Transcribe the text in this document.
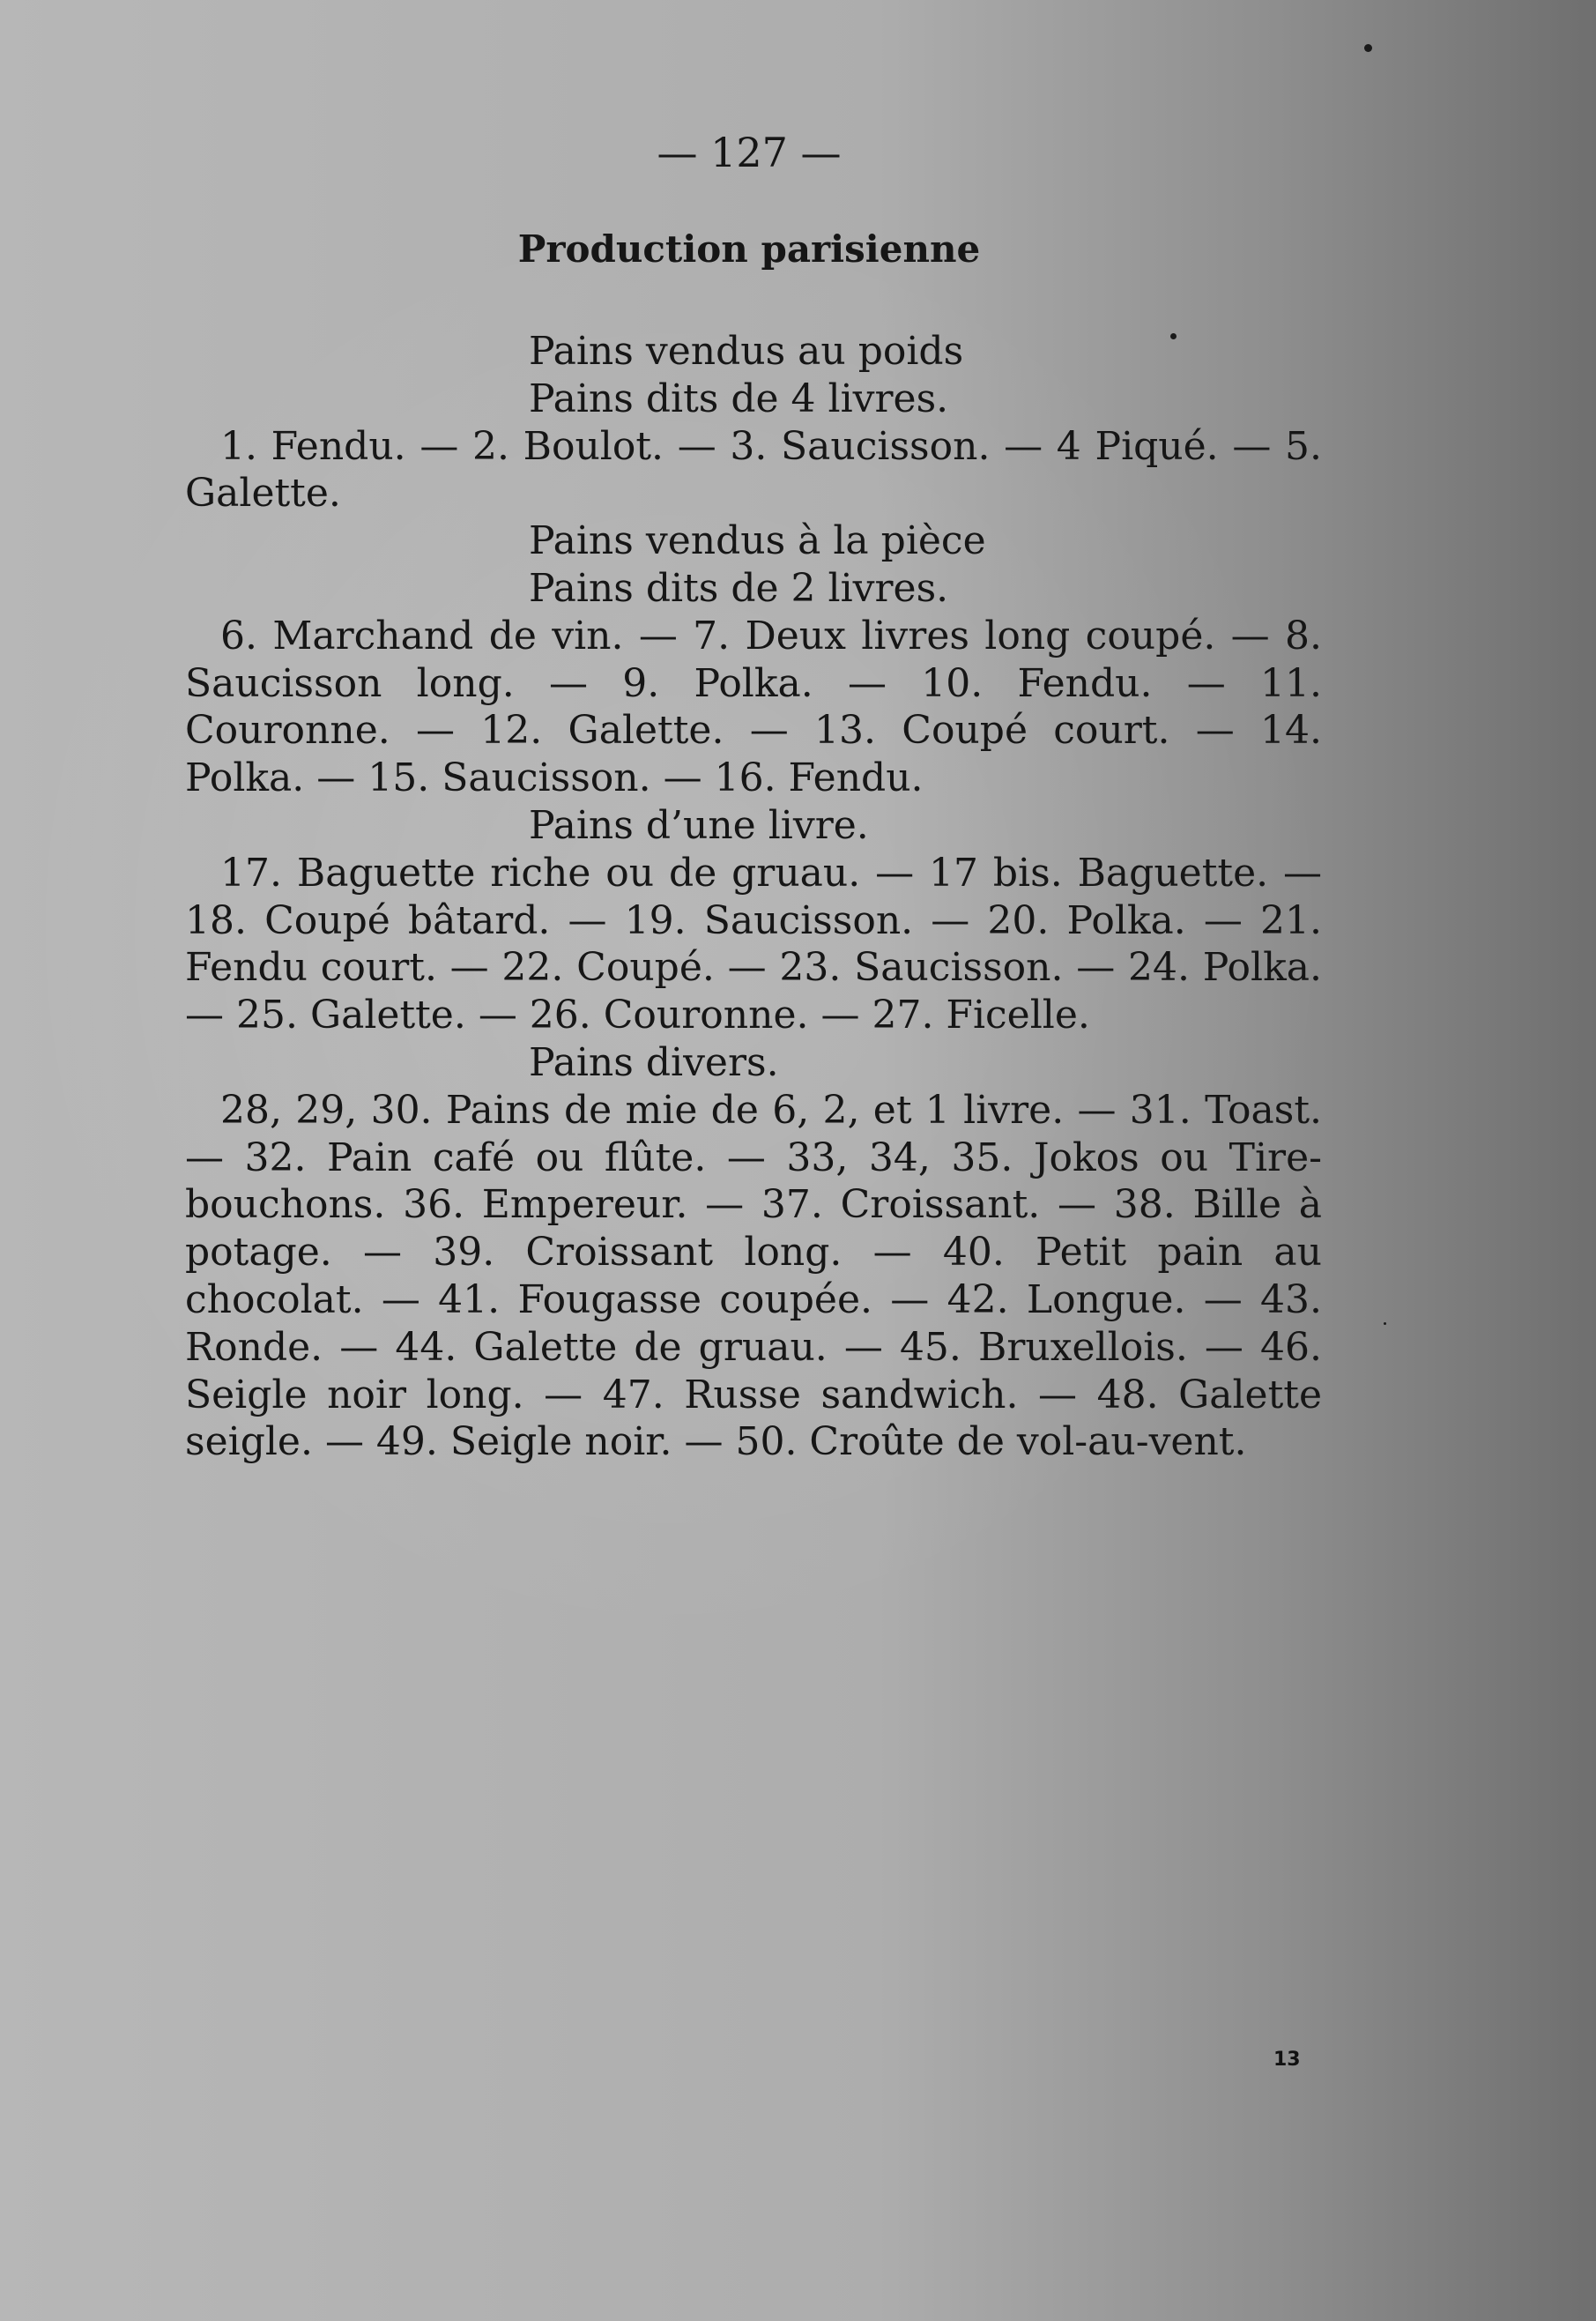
— 127 —
Production parisienne
Pains vendus au poids
Pains dits de 4 livres.
1. Fendu. — 2. Boulot. — 3. Saucisson. — 4 Piqué. — 5. Galette.
Pains vendus à la pièce
Pains dits de 2 livres.
6. Marchand de vin. — 7. Deux livres long coupé. — 8. Saucisson long. — 9. Polka. — 10. Fendu. — 11. Couronne. — 12. Galette. — 13. Coupé court. — 14. Polka. — 15. Saucisson. — 16. Fendu.
Pains d’une livre.
17. Baguette riche ou de gruau. — 17 bis. Baguette. — 18. Coupé bâtard. — 19. Saucisson. — 20. Polka. — 21. Fendu court. — 22. Coupé. — 23. Saucisson. — 24. Polka. — 25. Galette. — 26. Couronne. — 27. Ficelle.
Pains divers.
28, 29, 30. Pains de mie de 6, 2, et 1 livre. — 31. Toast. — 32. Pain café ou flûte. — 33, 34, 35. Jokos ou Tire-bouchons. 36. Empereur. — 37. Croissant. — 38. Bille à potage. — 39. Croissant long. — 40. Petit pain au chocolat. — 41. Fougasse coupée. — 42. Longue. — 43. Ronde. — 44. Galette de gruau. — 45. Bruxellois. — 46. Seigle noir long. — 47. Russe sandwich. — 48. Galette seigle. — 49. Seigle noir. — 50. Croûte de vol-au-vent.
13
